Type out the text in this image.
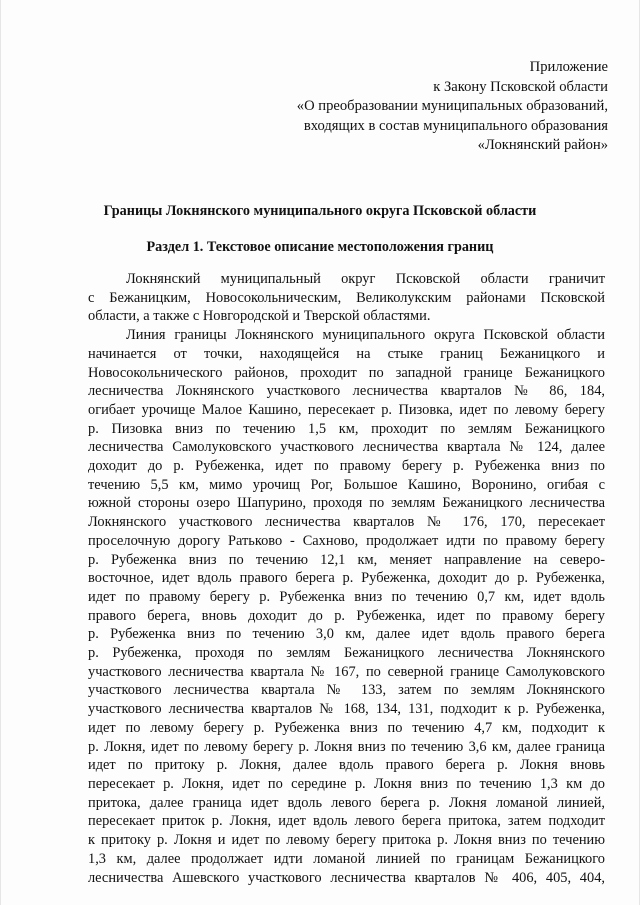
Приложение
к Закону Псковской области
«О преобразовании муниципальных образований,
входящих в состав муниципального образования
«Локнянский район»
Границы Локнянского муниципального округа Псковской области
Раздел 1. Текстовое описание местоположения границ

Локнянский муниципальный округ Псковской области граничит

с Бежаницким, Новосокольническим, Великолукским районами Псковской

области, а также с Новгородской и Тверской областями.

Линия границы Локнянского муниципального округа Псковской области

начинается от точки, находящейся на стыке границ Бежаницкого и

Новосокольнического районов, проходит по западной границе Бежаницкого

лесничества Локнянского участкового лесничества кварталов № 86, 184,

огибает урочище Малое Кашино, пересекает р. Пизовка, идет по левому берегу

р. Пизовка вниз по течению 1,5 км, проходит по землям Бежаницкого

лесничества Самолуковского участкового лесничества квартала № 124, далее

доходит до р. Рубеженка, идет по правому берегу р. Рубеженка вниз по

течению 5,5 км, мимо урочищ Рог, Большое Кашино, Воронино, огибая с

южной стороны озеро Шапурино, проходя по землям Бежаницкого лесничества

Локнянского участкового лесничества кварталов № 176, 170, пересекает

проселочную дорогу Ратьково - Сахново, продолжает идти по правому берегу

р. Рубеженка вниз по течению 12,1 км, меняет направление на северо-

восточное, идет вдоль правого берега р. Рубеженка, доходит до р. Рубеженка,

идет по правому берегу р. Рубеженка вниз по течению 0,7 км, идет вдоль

правого берега, вновь доходит до р. Рубеженка, идет по правому берегу

р. Рубеженка вниз по течению 3,0 км, далее идет вдоль правого берега

р. Рубеженка, проходя по землям Бежаницкого лесничества Локнянского

участкового лесничества квартала № 167, по северной границе Самолуковского

участкового лесничества квартала № 133, затем по землям Локнянского

участкового лесничества кварталов № 168, 134, 131, подходит к р. Рубеженка,

идет по левому берегу р. Рубеженка вниз по течению 4,7 км, подходит к

р. Локня, идет по левому берегу р. Локня вниз по течению 3,6 км, далее граница

идет по притоку р. Локня, далее вдоль правого берега р. Локня вновь

пересекает р. Локня, идет по середине р. Локня вниз по течению 1,3 км до

притока, далее граница идет вдоль левого берега р. Локня ломаной линией,

пересекает приток р. Локня, идет вдоль левого берега притока, затем подходит

к притоку р. Локня и идет по левому берегу притока р. Локня вниз по течению

1,3 км, далее продолжает идти ломаной линией по границам Бежаницкого

лесничества Ашевского участкового лесничества кварталов № 406, 405, 404,
